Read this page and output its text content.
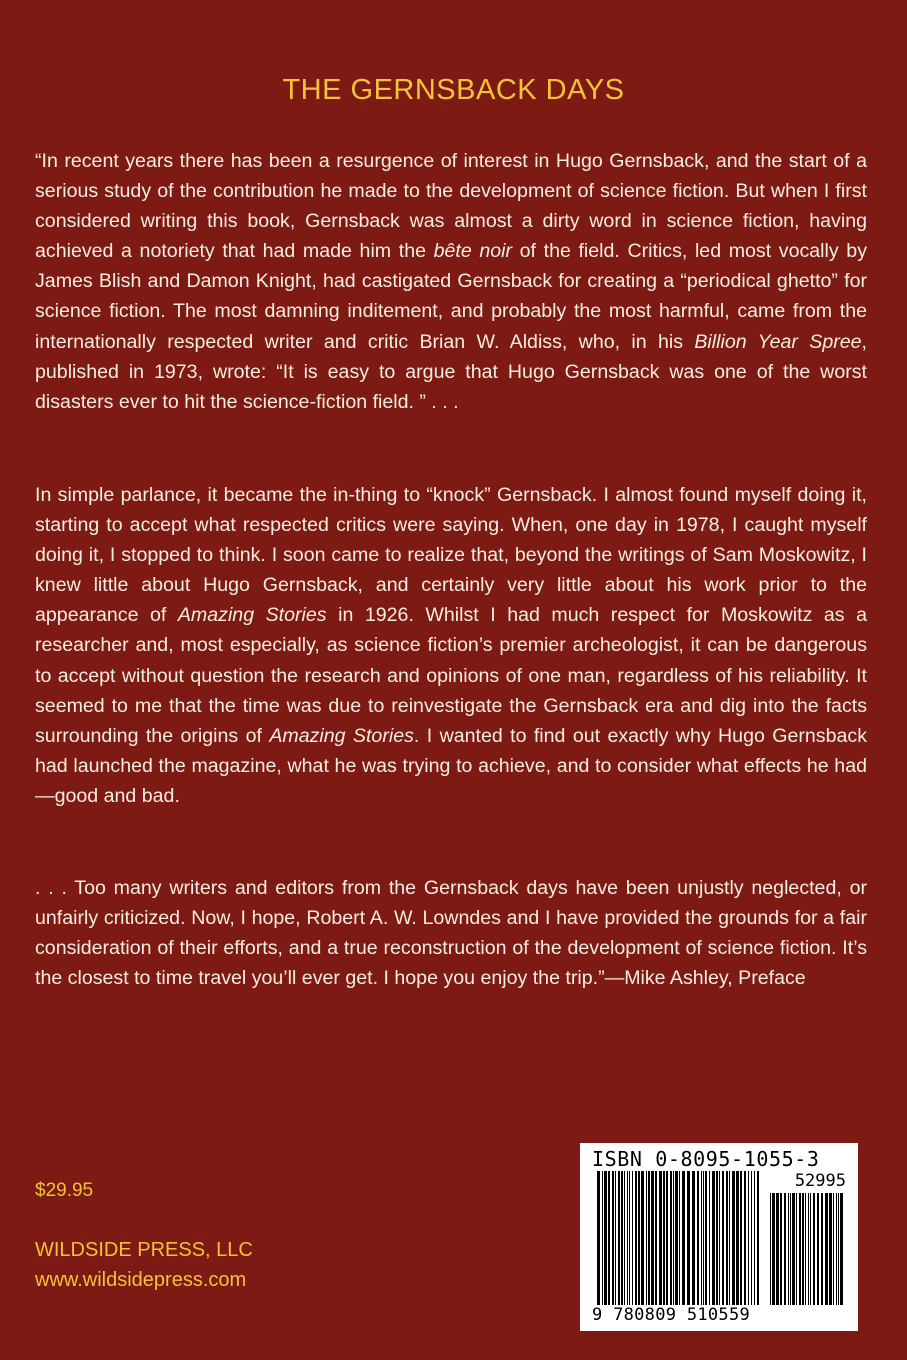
THE GERNSBACK DAYS

“In recent years there has been a resurgence of interest in Hugo Gernsback, and the start of a serious study of the contribution he made to the development of science fiction. But when I first considered writing this book, Gernsback was almost a dirty word in science fiction, having achieved a notoriety that had made him the bête noir of the field. Critics, led most vocally by James Blish and Damon Knight, had castigated Gernsback for creating a “periodical ghetto” for science fiction. The most damning inditement, and probably the most harmful, came from the internationally respected writer and critic Brian W. Aldiss, who, in his Billion Year Spree, published in 1973, wrote: “It is easy to argue that Hugo Gernsback was one of the worst disasters ever to hit the science-fiction field. ” . . .

In simple parlance, it became the in-thing to “knock” Gernsback. I almost found myself doing it, starting to accept what respected critics were saying. When, one day in 1978, I caught myself doing it, I stopped to think. I soon came to realize that, beyond the writings of Sam Moskowitz, I knew little about Hugo Gernsback, and certainly very little about his work prior to the appearance of Amazing Stories in 1926. Whilst I had much respect for Moskowitz as a researcher and, most especially, as science fiction’s premier archeologist, it can be dangerous to accept without question the research and opinions of one man, regardless of his reliability. It seemed to me that the time was due to reinvestigate the Gernsback era and dig into the facts surrounding the origins of Amazing Stories. I wanted to find out exactly why Hugo Gernsback had launched the magazine, what he was trying to achieve, and to consider what effects he had—good and bad.

. . . Too many writers and editors from the Gernsback days have been unjustly neglected, or unfairly criticized. Now, I hope, Robert A. W. Lowndes and I have provided the grounds for a fair consideration of their efforts, and a true reconstruction of the development of science fiction. It’s the closest to time travel you’ll ever get. I hope you enjoy the trip.”—Mike Ashley, Preface

$29.95
WILDSIDE PRESS, LLC
www.wildsidepress.com
ISBN 0-8095-1055-3
52995
9 780809 510559
